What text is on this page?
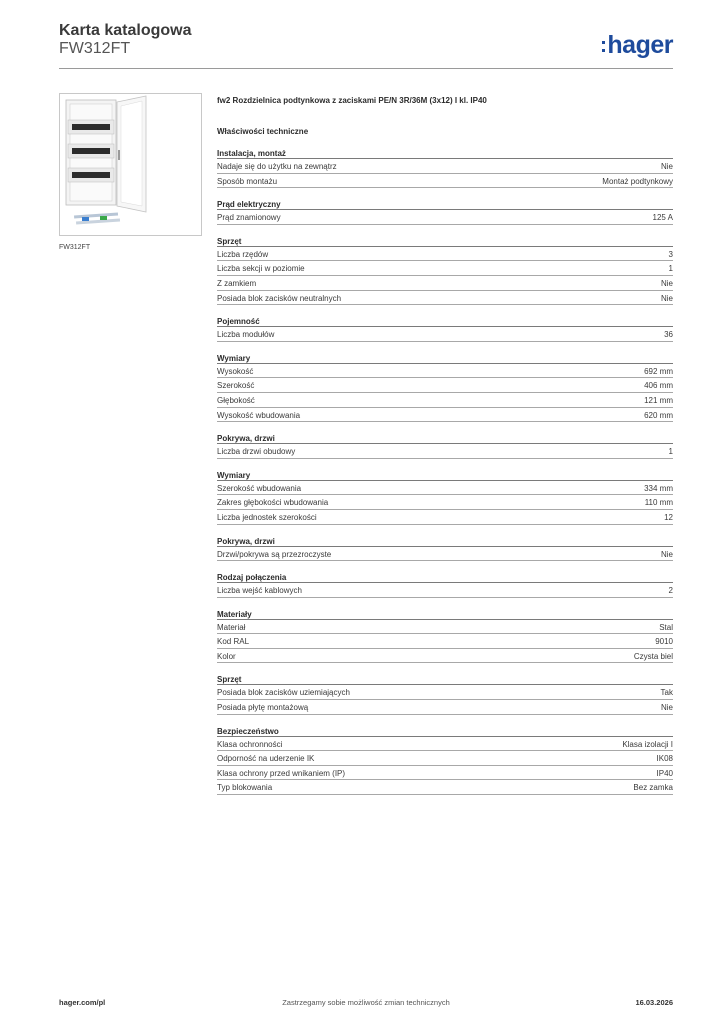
Karta katalogowa
FW312FT	hager
FW312FT
fw2 Rozdzielnica podtynkowa z zaciskami PE/N 3R/36M (3x12) I kl. IP40
Właściwości techniczne
Instalacja, montaż
Nadaje się do użytku na zewnątrz	Nie
Sposób montażu	Montaż podtynkowy
Prąd elektryczny
Prąd znamionowy	125 A
Sprzęt
Liczba rzędów	3
Liczba sekcji w poziomie	1
Z zamkiem	Nie
Posiada blok zacisków neutralnych	Nie
Pojemność
Liczba modułów	36
Wymiary
Wysokość	692 mm
Szerokość	406 mm
Głębokość	121 mm
Wysokość wbudowania	620 mm
Pokrywa, drzwi
Liczba drzwi obudowy	1
Wymiary
Szerokość wbudowania	334 mm
Zakres głębokości wbudowania	110 mm
Liczba jednostek szerokości	12
Pokrywa, drzwi
Drzwi/pokrywa są przezroczyste	Nie
Rodzaj połączenia
Liczba wejść kablowych	2
Materiały
Materiał	Stal
Kod RAL	9010
Kolor	Czysta biel
Sprzęt
Posiada blok zacisków uziemiających	Tak
Posiada płytę montażową	Nie
Bezpieczeństwo
Klasa ochronności	Klasa izolacji I
Odporność na uderzenie IK	IK08
Klasa ochrony przed wnikaniem (IP)	IP40
Typ blokowania	Bez zamka
hager.com/pl	Zastrzegamy sobie możliwość zmian technicznych	16.03.2026
